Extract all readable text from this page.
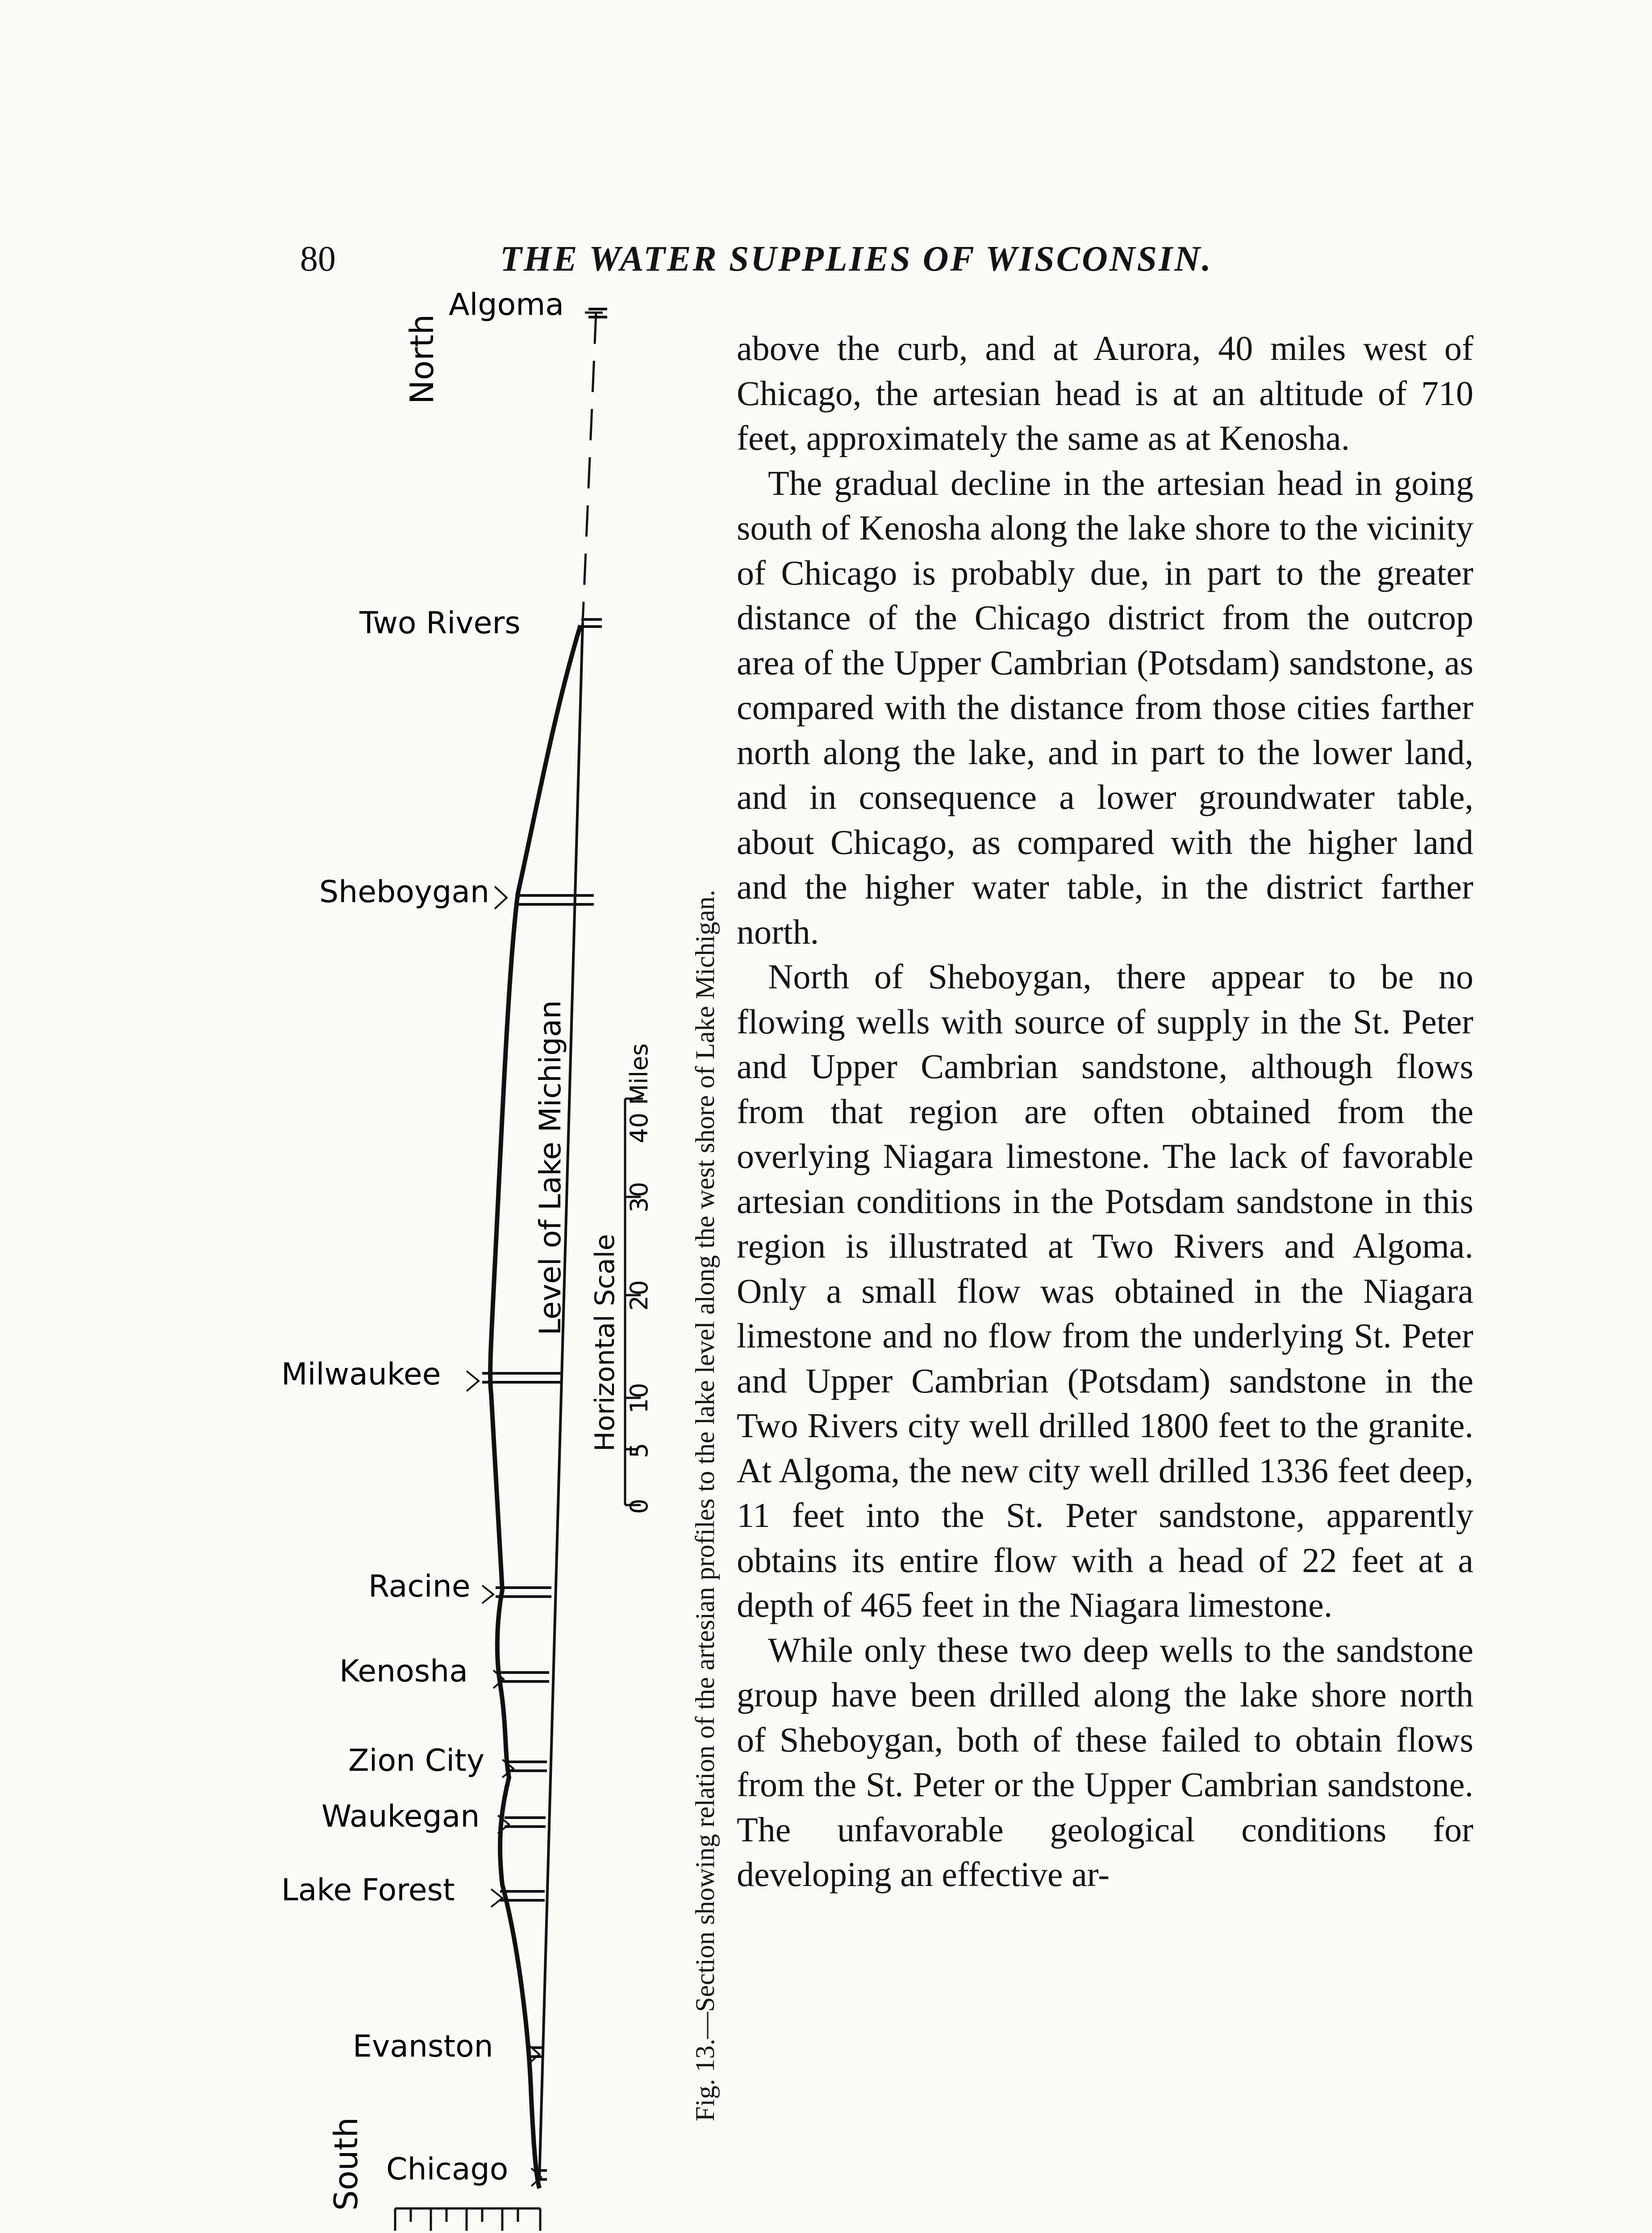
80	THE WATER SUPPLIES OF WISCONSIN.
North
South
Algoma
Two Rivers
Sheboygan
Milwaukee
Racine
Kenosha
Zion City
Waukegan
Lake Forest
Evanston
Chicago
Level of Lake Michigan
Horizontal Scale
0
5
10
20
30
40 Miles Fig. 13.—Section showing relation of the artesian profiles to the lake level along the west shore of Lake Michigan.

above the curb, and at Aurora, 40 miles west of Chicago, the artesian head is at an altitude of 710 feet, approximately the same as at Kenosha.

The gradual decline in the artesian head in going south of Kenosha along the lake shore to the vicinity of Chicago is probably due, in part to the greater distance of the Chicago district from the outcrop area of the Upper Cambrian (Potsdam) sandstone, as compared with the distance from those cities farther north along the lake, and in part to the lower land, and in consequence a lower groundwater table, about Chicago, as compared with the higher land and the higher water table, in the district farther north.

North of Sheboygan, there appear to be no flowing wells with source of supply in the St. Peter and Upper Cambrian sandstone, although flows from that region are often obtained from the overlying Niagara limestone. The lack of favorable artesian conditions in the Potsdam sandstone in this region is illustrated at Two Rivers and Algoma. Only a small flow was obtained in the Niagara limestone and no flow from the underlying St. Peter and Upper Cambrian (Potsdam) sandstone in the Two Rivers city well drilled 1800 feet to the granite. At Algoma, the new city well drilled 1336 feet deep, 11 feet into the St. Peter sandstone, apparently obtains its entire flow with a head of 22 feet at a depth of 465 feet in the Niagara limestone.

While only these two deep wells to the sandstone group have been drilled along the lake shore north of Sheboygan, both of these failed to obtain flows from the St. Peter or the Upper Cambrian sandstone. The unfavorable geological conditions for developing an effective ar-
